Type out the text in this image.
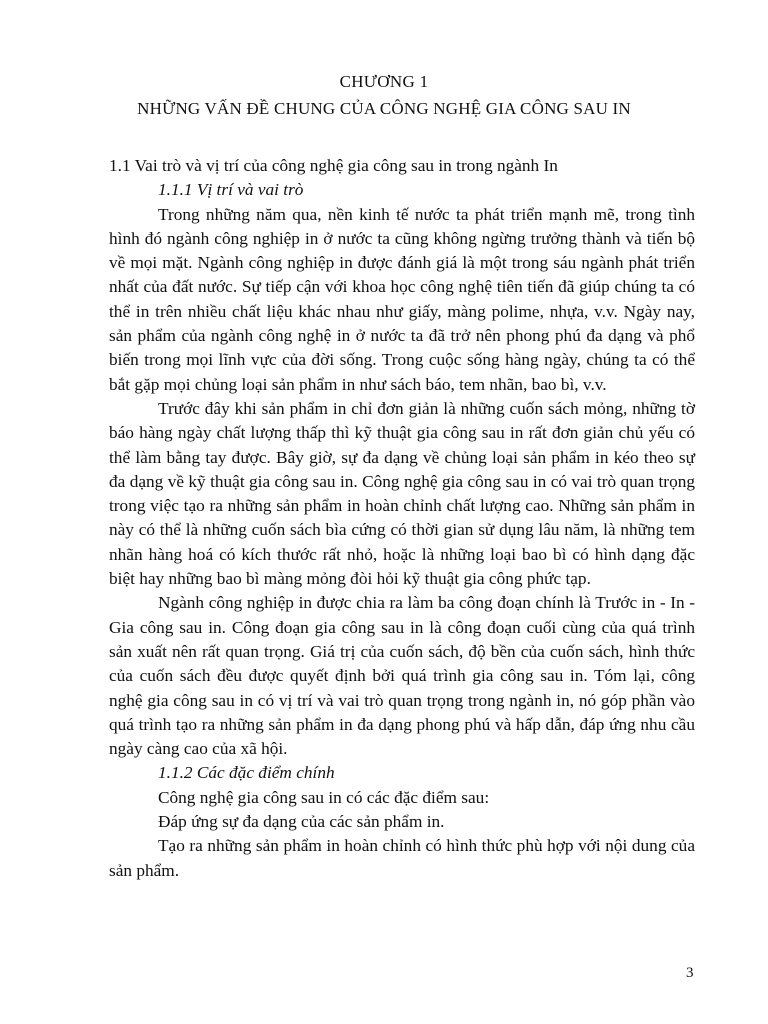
CHƯƠNG 1
NHỮNG VẤN ĐỀ CHUNG CỦA CÔNG NGHỆ GIA CÔNG SAU IN

1.1 Vai trò và vị trí của công nghệ gia công sau in trong ngành In

1.1.1 Vị trí và vai trò

Trong những năm qua, nền kinh tế nước ta phát triển mạnh mẽ, trong tình hình đó ngành công nghiệp in ở nước ta cũng không ngừng trưởng thành và tiến bộ về mọi mặt. Ngành công nghiệp in được đánh giá là một trong sáu ngành phát triển nhất của đất nước. Sự tiếp cận với khoa học công nghệ tiên tiến đã giúp chúng ta có thể in trên nhiều chất liệu khác nhau như giấy, màng polime, nhựa, v.v. Ngày nay, sản phẩm của ngành công nghệ in ở nước ta đã trở nên phong phú đa dạng và phổ biến trong mọi lĩnh vực của đời sống. Trong cuộc sống hàng ngày, chúng ta có thể bắt gặp mọi chủng loại sản phẩm in như sách báo, tem nhãn, bao bì, v.v.

Trước đây khi sản phẩm in chỉ đơn giản là những cuốn sách mỏng, những tờ báo hàng ngày chất lượng thấp thì kỹ thuật gia công sau in rất đơn giản chủ yếu có thể làm bằng tay được. Bây giờ, sự đa dạng về chủng loại sản phẩm in kéo theo sự đa dạng về kỹ thuật gia công sau in. Công nghệ gia công sau in có vai trò quan trọng trong việc tạo ra những sản phẩm in hoàn chỉnh chất lượng cao. Những sản phẩm in này có thể là những cuốn sách bìa cứng có thời gian sử dụng lâu năm, là những tem nhãn hàng hoá có kích thước rất nhỏ, hoặc là những loại bao bì có hình dạng đặc biệt hay những bao bì màng mỏng đòi hỏi kỹ thuật gia công phức tạp.

Ngành công nghiệp in được chia ra làm ba công đoạn chính là Trước in - In - Gia công sau in. Công đoạn gia công sau in là công đoạn cuối cùng của quá trình sản xuất nên rất quan trọng. Giá trị của cuốn sách, độ bền của cuốn sách, hình thức của cuốn sách đều được quyết định bởi quá trình gia công sau in. Tóm lại, công nghệ gia công sau in có vị trí và vai trò quan trọng trong ngành in, nó góp phần vào quá trình tạo ra những sản phẩm in đa dạng phong phú và hấp dẫn, đáp ứng nhu cầu ngày càng cao của xã hội.

1.1.2 Các đặc điểm chính

Công nghệ gia công sau in có các đặc điểm sau:

Đáp ứng sự đa dạng của các sản phẩm in.

Tạo ra những sản phẩm in hoàn chỉnh có hình thức phù hợp với nội dung của sản phẩm.

3
